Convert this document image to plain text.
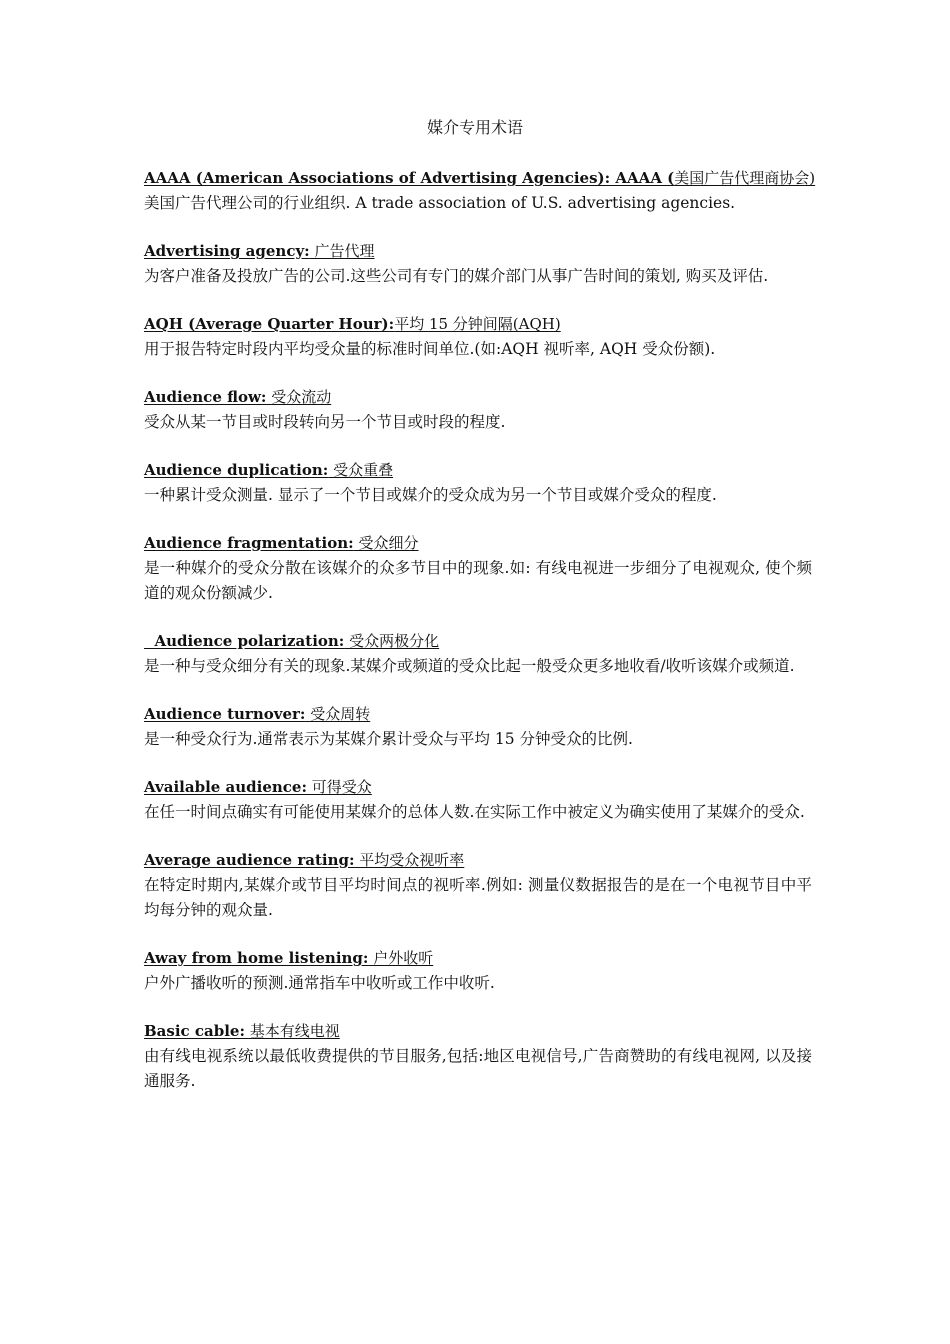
媒介专用术语
AAAA (American Associations of Advertising Agencies): AAAA (美国广告代理商协会)
美国广告代理公司的行业组织. A trade association of U.S. advertising agencies.
Advertising agency: 广告代理
为客户准备及投放广告的公司.这些公司有专门的媒介部门从事广告时间的策划, 购买及评估.
AQH (Average Quarter Hour):平均 15 分钟间隔(AQH)
用于报告特定时段内平均受众量的标准时间单位.(如:AQH 视听率, AQH 受众份额).
Audience flow: 受众流动
受众从某一节目或时段转向另一个节目或时段的程度.
Audience duplication: 受众重叠
一种累计受众测量. 显示了一个节目或媒介的受众成为另一个节目或媒介受众的程度.
Audience fragmentation: 受众细分
是一种媒介的受众分散在该媒介的众多节目中的现象.如: 有线电视进一步细分了电视观众, 使个频道的观众份额减少.
Audience polarization: 受众两极分化
是一种与受众细分有关的现象.某媒介或频道的受众比起一般受众更多地收看/收听该媒介或频道.
Audience turnover: 受众周转
是一种受众行为.通常表示为某媒介累计受众与平均 15 分钟受众的比例.
Available audience: 可得受众
在任一时间点确实有可能使用某媒介的总体人数.在实际工作中被定义为确实使用了某媒介的受众.
Average audience rating: 平均受众视听率
在特定时期内,某媒介或节目平均时间点的视听率.例如: 测量仪数据报告的是在一个电视节目中平均每分钟的观众量.
Away from home listening: 户外收听
户外广播收听的预测.通常指车中收听或工作中收听.
Basic cable: 基本有线电视
由有线电视系统以最低收费提供的节目服务,包括:地区电视信号,广告商赞助的有线电视网, 以及接通服务.
